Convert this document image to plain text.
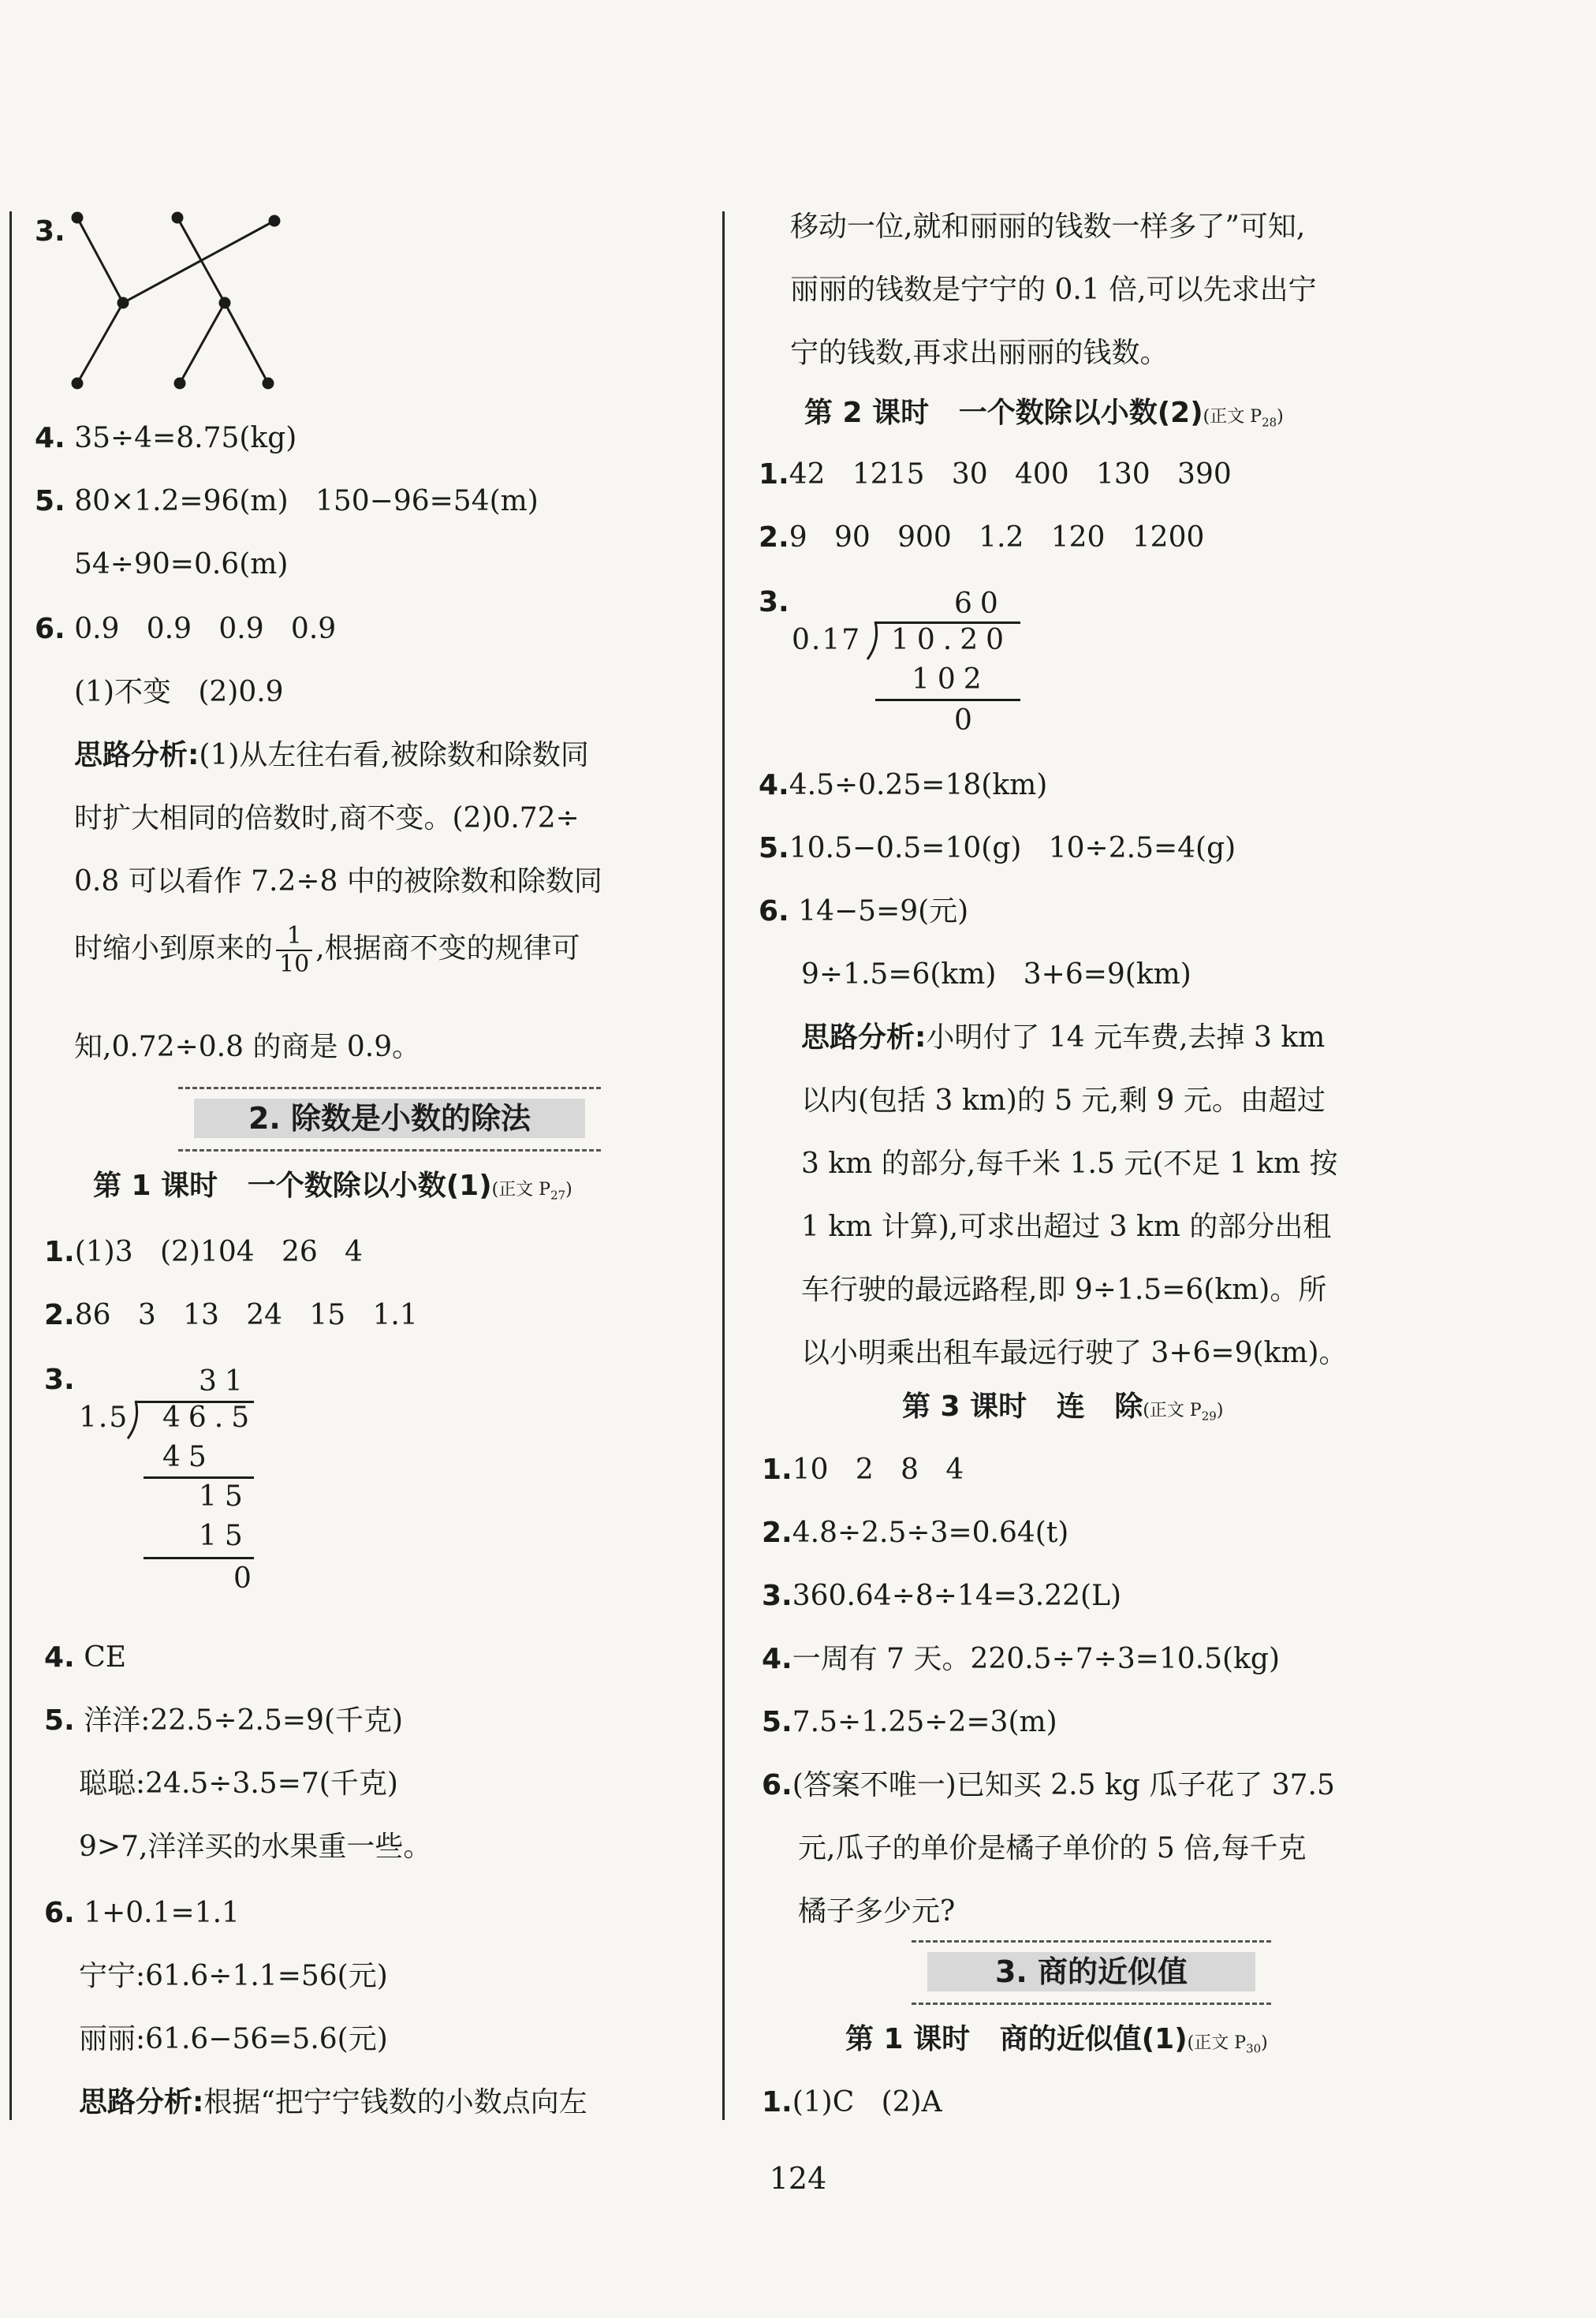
3.
4. 35÷4=8.75(kg)
5. 80×1.2=96(m)   150−96=54(m)
54÷90=0.6(m)
6. 0.9   0.9   0.9   0.9
(1)不变   (2)0.9
思路分析:(1)从左往右看,被除数和除数同
时扩大相同的倍数时,商不变。(2)0.72÷
0.8 可以看作 7.2÷8 中的被除数和除数同
时缩小到原来的 $\frac{1}{10}$ ,根据商不变的规律可
知,0.72÷0.8 的商是 0.9。
2. 除数是小数的除法
第 1 课时   一个数除以小数(1)(正文 $P_{27}$)
1.(1)3   (2)104   26   4
2.86   3   13   24   15   1.1
3.	31
1.5 46.5
45
15
15
0
4. CE
5. 洋洋:22.5÷2.5=9(千克)
聪聪:24.5÷3.5=7(千克)
9>7,洋洋买的水果重一些。
6. 1+0.1=1.1
宁宁:61.6÷1.1=56(元)
丽丽:61.6−56=5.6(元)
思路分析:根据“把宁宁钱数的小数点向左
移动一位,就和丽丽的钱数一样多了”可知,
丽丽的钱数是宁宁的 0.1 倍,可以先求出宁
宁的钱数,再求出丽丽的钱数。
第 2 课时   一个数除以小数(2)(正文 $P_{28}$)
1.42   1215   30   400   130   390
2.9   90   900   1.2   120   1200
3.	60
0.17 10.20
102
0
4.4.5÷0.25=18(km)
5.10.5−0.5=10(g)   10÷2.5=4(g)
6. 14−5=9(元)
9÷1.5=6(km)   3+6=9(km)
思路分析:小明付了 14 元车费,去掉 3 km
以内(包括 3 km)的 5 元,剩 9 元。由超过
3 km 的部分,每千米 1.5 元(不足 1 km 按
1 km 计算),可求出超过 3 km 的部分出租
车行驶的最远路程,即 9÷1.5=6(km)。所
以小明乘出租车最远行驶了 3+6=9(km)。
第 3 课时   连   除(正文 $P_{29}$)
1.10   2   8   4
2.4.8÷2.5÷3=0.64(t)
3.360.64÷8÷14=3.22(L)
4.一周有 7 天。220.5÷7÷3=10.5(kg)
5.7.5÷1.25÷2=3(m)
6.(答案不唯一)已知买 2.5 kg 瓜子花了 37.5
元,瓜子的单价是橘子单价的 5 倍,每千克
橘子多少元?
3. 商的近似值
第 1 课时   商的近似值(1)(正文 $P_{30}$)
1.(1)C   (2)A
124
